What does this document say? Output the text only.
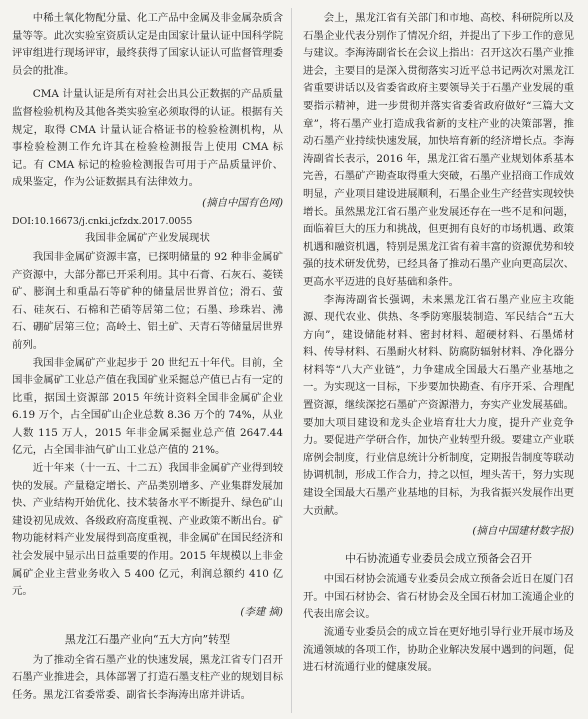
中稀土氧化物配分量、化工产品中金属及非金属杂质含量等等。此次实验室资质认定是由国家计量认证中国科学院评审组进行现场评审，最终获得了国家认证认可监督管理委员会的批准。

CMA 计量认证是所有对社会出具公正数据的产品质量监督检验机构及其他各类实验室必须取得的认证。根据有关规定，取得 CMA 计量认证合格证书的检验检测机构，从事检验检测工作允许其在检验检测报告上使用 CMA 标记。有 CMA 标记的检验检测报告可用于产品质量评价、成果鉴定，作为公证数据具有法律效力。

(摘自中国有色网)
DOI:10.16673/j.cnki.jcfzdx.2017.0055
我国非金属矿产业发展现状

我国非金属矿资源丰富，已探明储量的 92 种非金属矿产资源中，大部分都已开采利用。其中石膏、石灰石、菱镁矿、膨润土和重晶石等矿种的储量居世界首位；滑石、萤石、硅灰石、石棉和芒硝等居第二位；石墨、珍珠岩、沸石、硼矿居第三位；高岭土、铝土矿、天青石等储量居世界前列。

我国非金属矿产业起步于 20 世纪五十年代。目前，全国非金属矿工业总产值在我国矿业采掘总产值已占有一定的比重，据国土资源部 2015 年统计资料全国非金属矿企业 6.19 万个，占全国矿山企业总数 8.36 万个的 74%，从业人数 115 万人，2015 年非金属采掘业总产值 2647.44 亿元，占全国非油气矿山工业总产值的 21%。

近十年来（十一五、十二五）我国非金属矿产业得到较快的发展。产量稳定增长、产品类别增多、产业集群发展加快、产业结构开始优化、技术装备水平不断提升、绿色矿山建设初见成效、各级政府高度重视、产业政策不断出台。矿物功能材料产业发展得到高度重视，非金属矿在国民经济和社会发展中显示出日益重要的作用。2015 年规模以上非金属矿企业主营业务收入 5 400 亿元，利润总额约 410 亿元。

(李建 摘)
黑龙江石墨产业向“五大方向”转型

为了推动全省石墨产业的快速发展，黑龙江省专门召开石墨产业推进会，具体部署了打造石墨支柱产业的规划目标任务。黑龙江省委常委、副省长李海涛出席并讲话。

会上，黑龙江省有关部门和市地、高校、科研院所以及石墨企业代表分别作了情况介绍，并提出了下步工作的意见与建议。李海涛副省长在会议上指出：召开这次石墨产业推进会，主要目的是深入贯彻落实习近平总书记两次对黑龙江省重要讲话以及省委省政府主要领导关于石墨产业发展的重要指示精神，进一步贯彻并落实省委省政府做好“三篇大文章”，将石墨产业打造成我省新的支柱产业的决策部署，推动石墨产业持续快速发展，加快培育新的经济增长点。李海涛副省长表示，2016 年，黑龙江省石墨产业规划体系基本完善，石墨矿产勘查取得重大突破，石墨产业招商工作成效明显，产业项目建设进展顺利，石墨企业生产经营实现较快增长。虽然黑龙江省石墨产业发展还存在一些不足和问题，面临着巨大的压力和挑战，但更拥有良好的市场机遇、政策机遇和融资机遇，特别是黑龙江省有着丰富的资源优势和较强的技术研发优势，已经具备了推动石墨产业向更高层次、更高水平迈进的良好基础和条件。

李海涛副省长强调，未来黑龙江省石墨产业应主攻能源、现代农业、供热、冬季防寒服装制造、军民结合“五大方向”，建设储能材料、密封材料、超硬材料、石墨烯材料、传导材料、石墨耐火材料、防腐防辐射材料、净化器分材料等“八大产业链”，力争建成全国最大石墨产业基地之一。为实现这一目标，下步要加快勘查、有序开采、合理配置资源，继续深挖石墨矿产资源潜力，夯实产业发展基础。要加大项目建设和龙头企业培育壮大力度，提升产业竞争力。要促进产学研合作，加快产业转型升级。要建立产业联席例会制度，行业信息统计分析制度，定期报告制度等联动协调机制，形成工作合力，持之以恒，埋头苦干，努力实现建设全国最大石墨产业基地的目标，为我省振兴发展作出更大贡献。

(摘自中国建材数字报)
中石协流通专业委员会成立预备会召开

中国石材协会流通专业委员会成立预备会近日在厦门召开。中国石材协会、省石材协会及全国石材加工流通企业的代表出席会议。

流通专业委员会的成立旨在更好地引导行业开展市场及流通领域的各项工作，协助企业解决发展中遇到的问题，促进石材流通行业的健康发展。
